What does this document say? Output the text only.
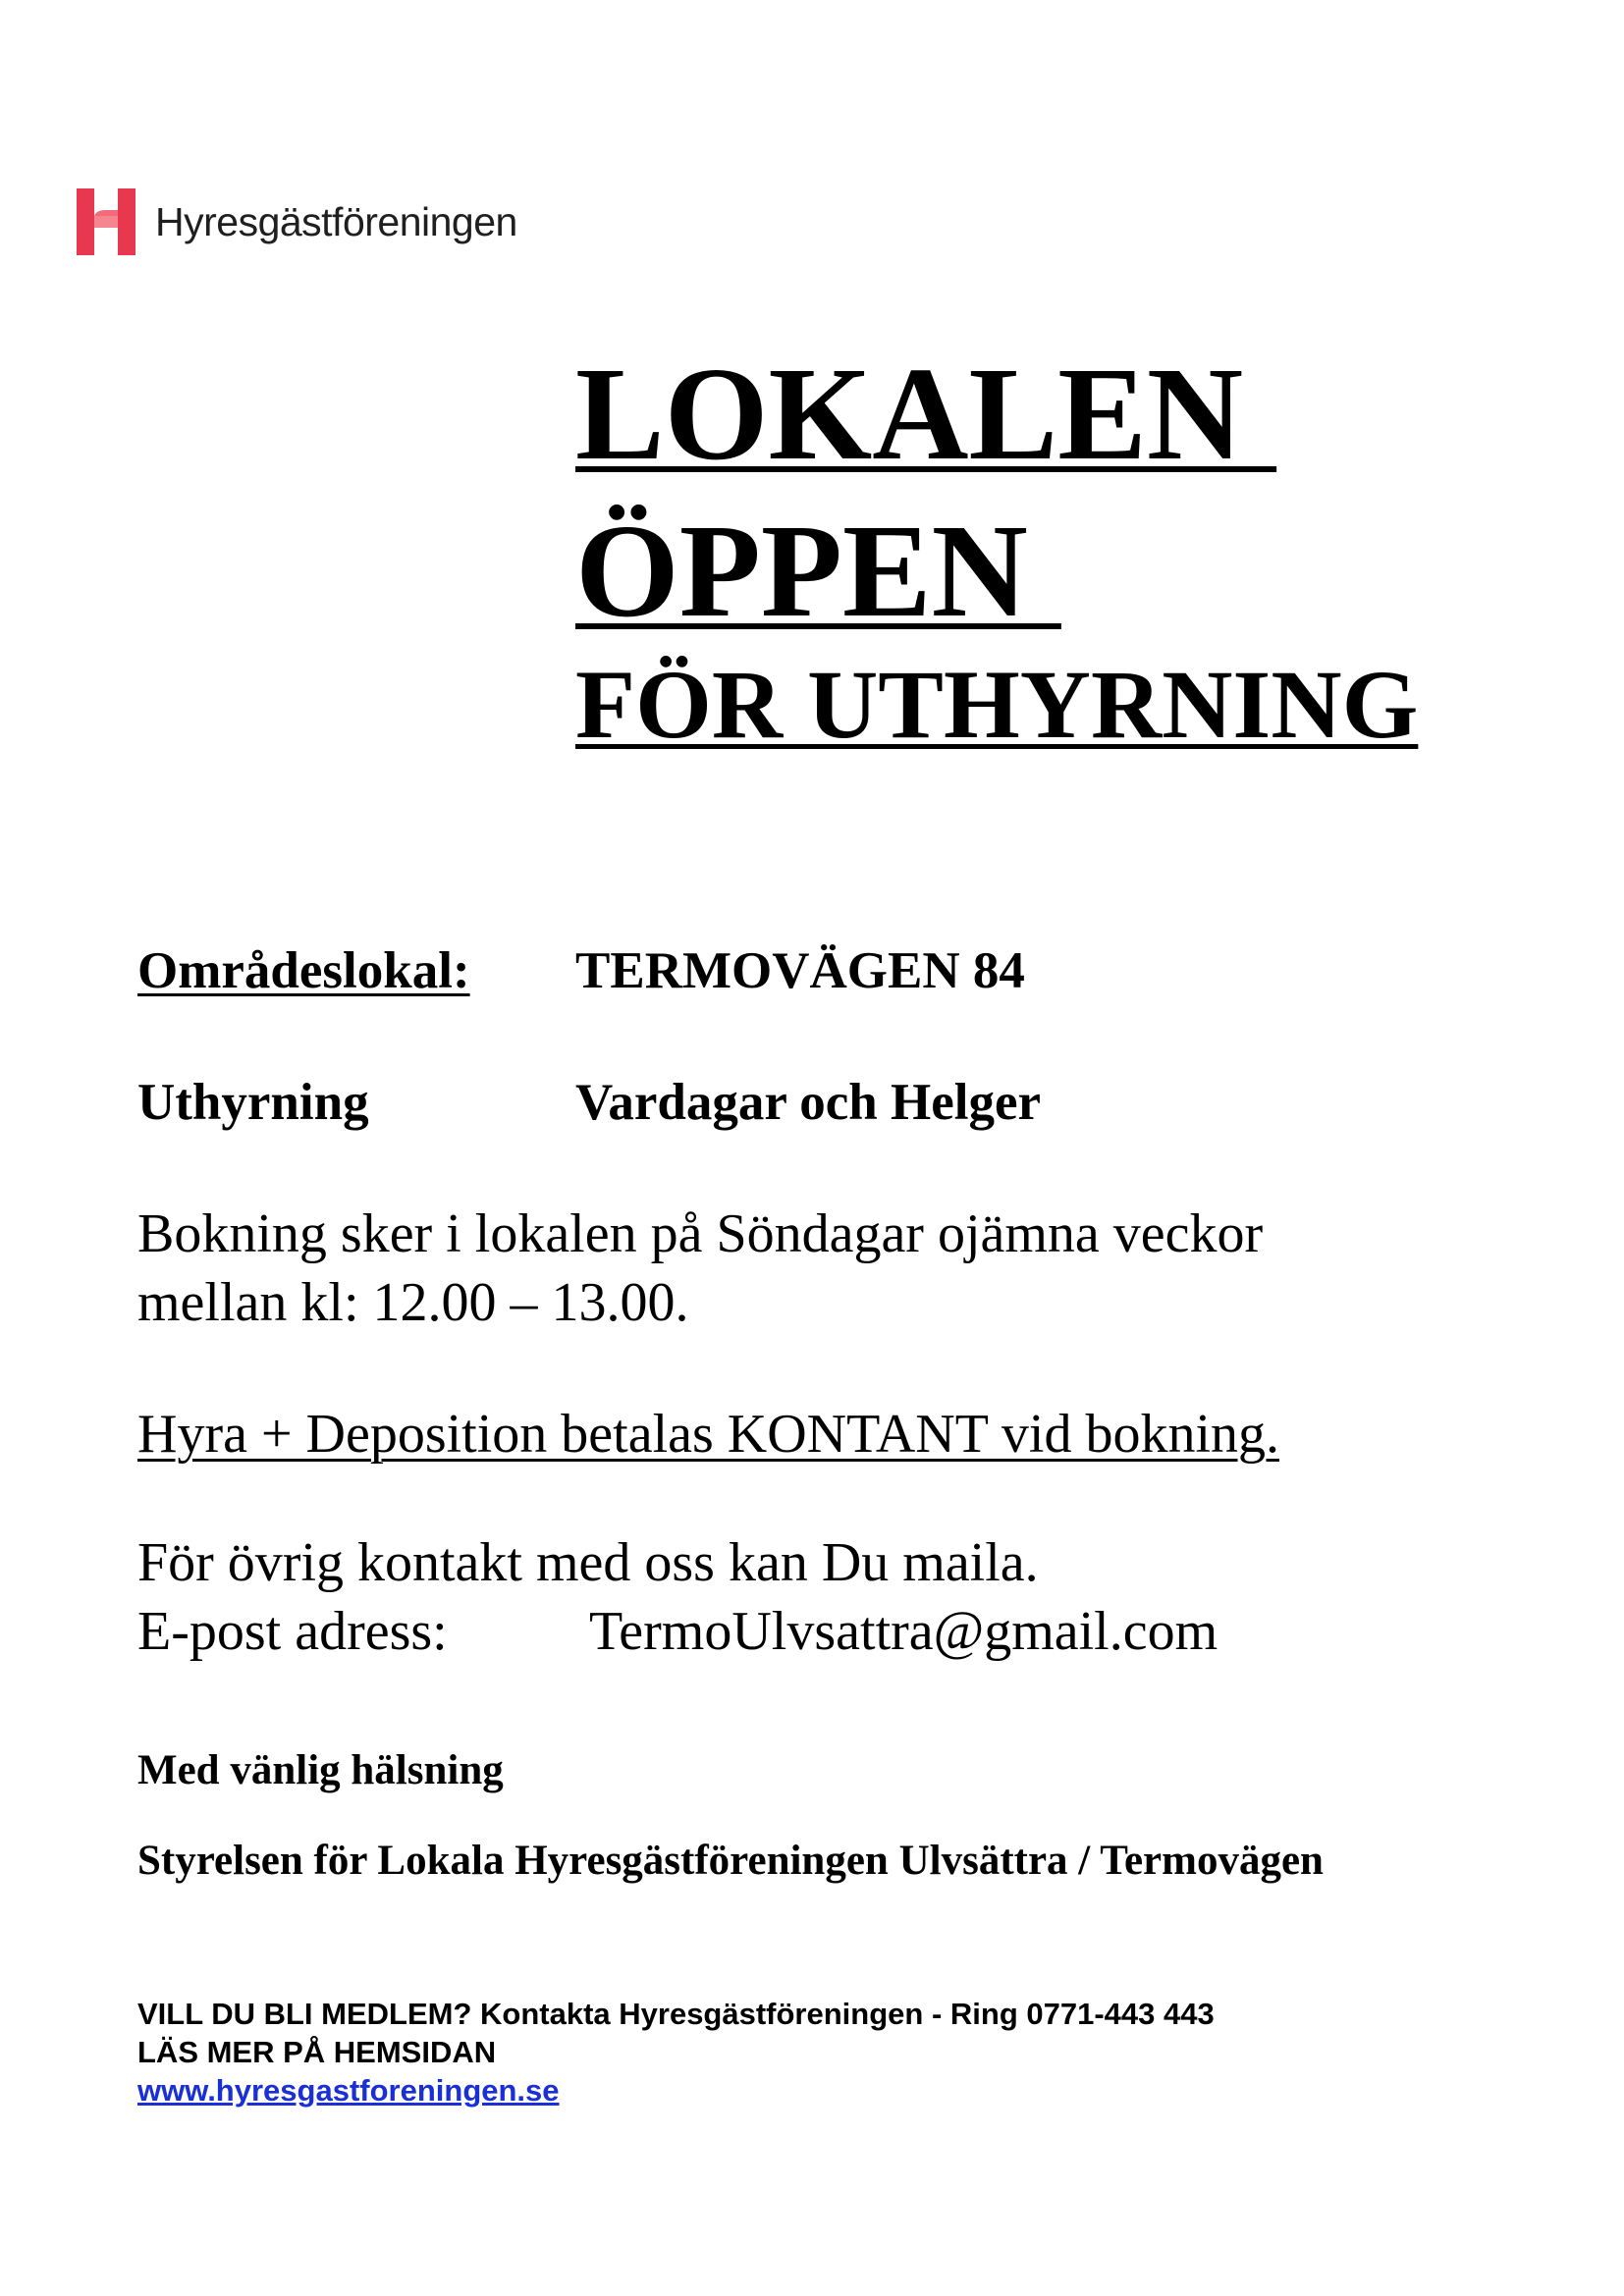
Hyresgästföreningen
LOKALEN
ÖPPEN
FÖR UTHYRNING
Områdeslokal: TERMOVÄGEN 84
Uthyrning	Vardagar och Helger
Bokning sker i lokalen på Söndagar ojämna veckor
mellan kl: 12.00 – 13.00.
Hyra + Deposition betalas KONTANT vid bokning.
För övrig kontakt med oss kan Du maila.
E-post adress:	TermoUlvsattra@gmail.com
Med vänlig hälsning
Styrelsen för Lokala Hyresgästföreningen Ulvsättra / Termovägen
VILL DU BLI MEDLEM? Kontakta Hyresgästföreningen - Ring 0771-443 443
LÄS MER PÅ HEMSIDAN
www.hyresgastforeningen.se
